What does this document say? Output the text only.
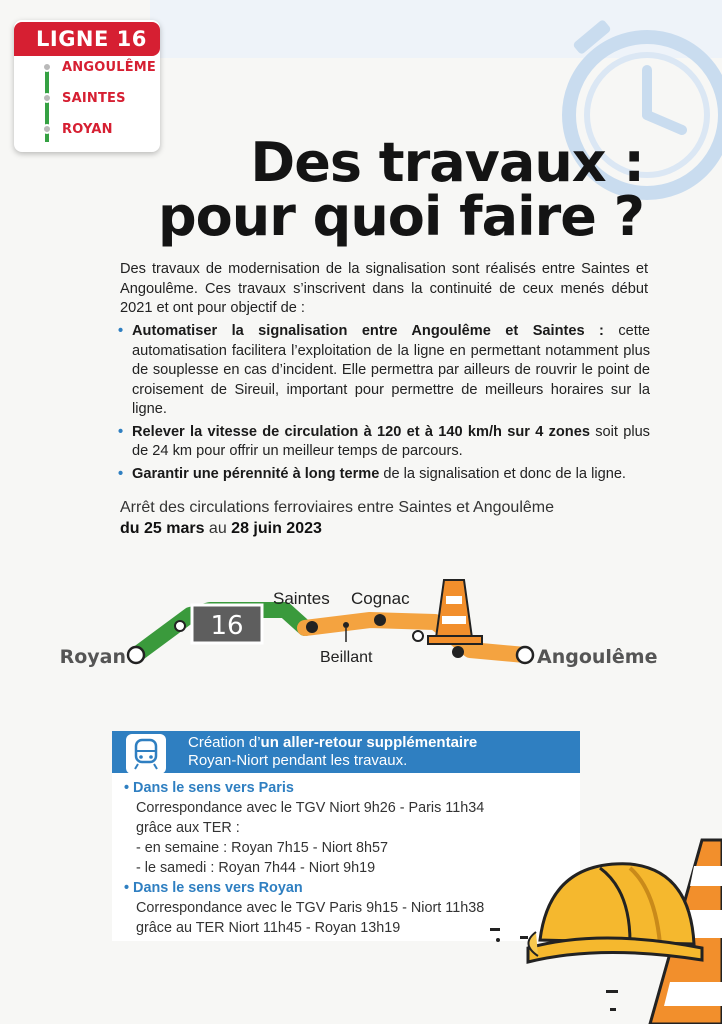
LIGNE 16
ANGOULÊME
SAINTES
ROYAN
Des travaux :
pour quoi faire ?
Des travaux de modernisation de la signalisation sont réalisés entre Saintes et Angoulême. Ces travaux s’inscrivent dans la continuité de ceux menés début 2021 et ont pour objectif de :
• Automatiser la signalisation entre Angoulême et Saintes : cette automatisation facilitera l’exploitation de la ligne en permettant notamment plus de souplesse en cas d’incident. Elle permettra par ailleurs de rouvrir le point de croisement de Sireuil, important pour permettre de meilleurs horaires sur la ligne.
• Relever la vitesse de circulation à 120 et à 140 km/h sur 4 zones soit plus de 24 km pour offrir un meilleur temps de parcours.
• Garantir une pérennité à long terme de la signalisation et donc de la ligne.
Arrêt des circulations ferroviaires entre Saintes et Angoulême
du 25 mars au 28 juin 2023
16
Royan	Angoulême
Saintes Cognac
Beillant
Création d’un aller-retour supplémentaire
Royan-Niort pendant les travaux.
• Dans le sens vers Paris
Correspondance avec le TGV Niort 9h26 - Paris 11h34
grâce aux TER :
- en semaine : Royan 7h15 - Niort 8h57
- le samedi : Royan 7h44 - Niort 9h19
• Dans le sens vers Royan
Correspondance avec le TGV Paris 9h15 - Niort 11h38
grâce au TER Niort 11h45 - Royan 13h19
